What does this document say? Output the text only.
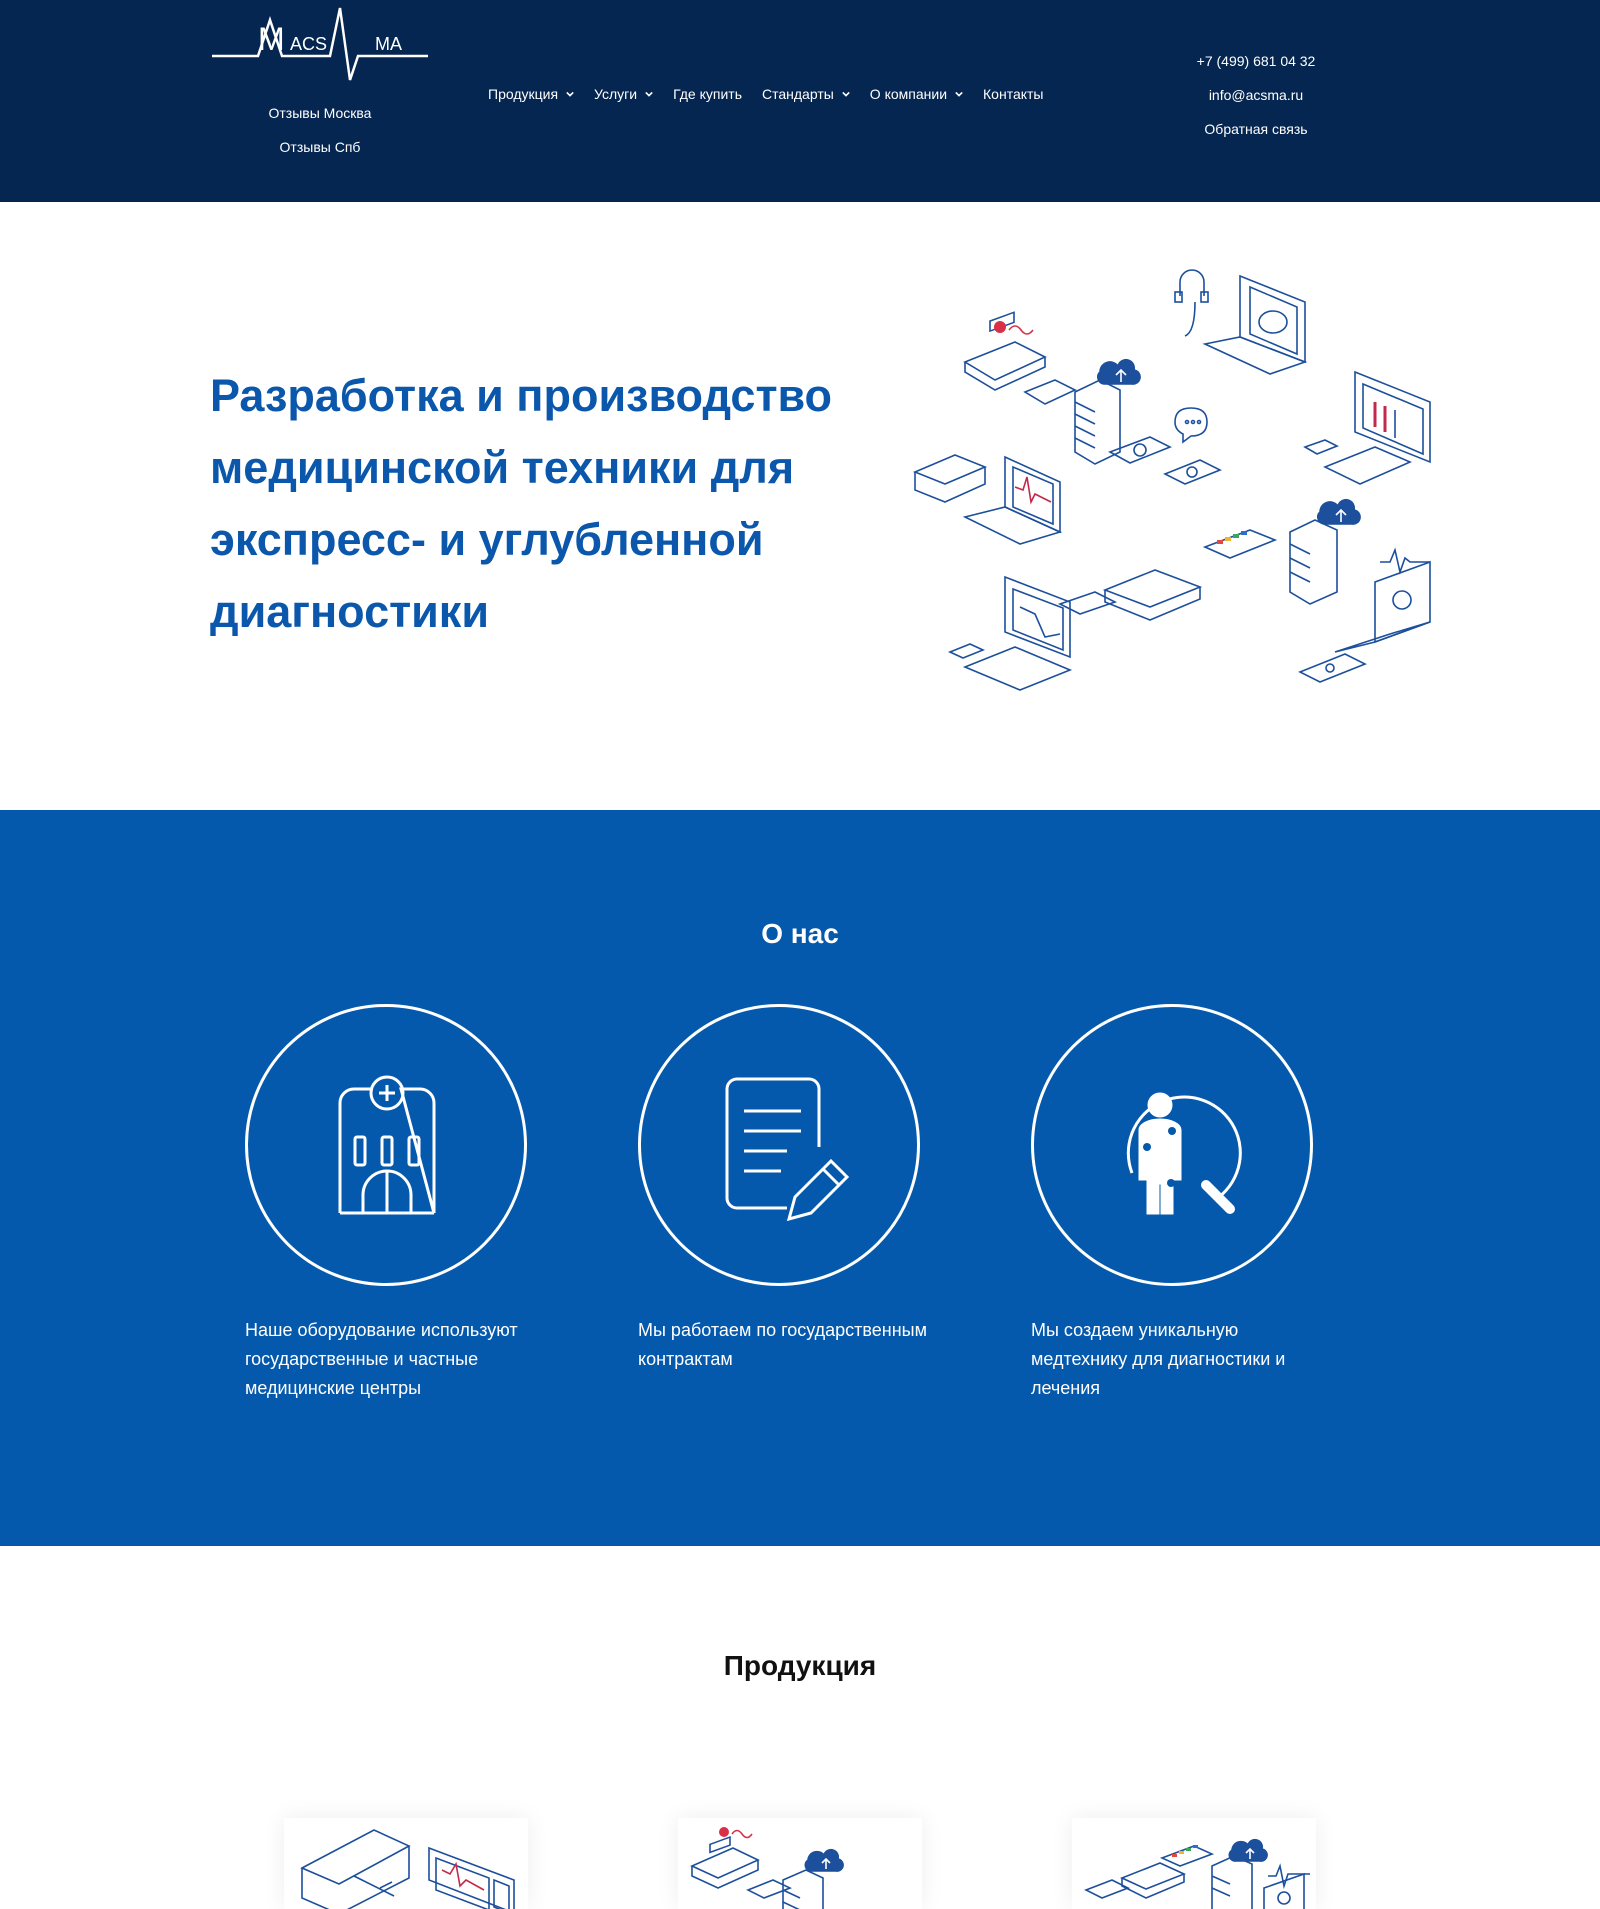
M ACS	MA
Отзывы Москва
Отзывы Спб
Продукция	Услуги	Где купить Стандарты	О компании	Контакты
+7 (499) 681 04 32
info@acsma.ru
Обратная связь
Разработка и производство медицинской техники для экспресс- и углубленной диагностики
О нас

Наше оборудование используют государственные и частные медицинские центры

Мы работаем по государственным контрактам

Мы создаем уникальную медтехнику для диагностики и лечения

Продукция
